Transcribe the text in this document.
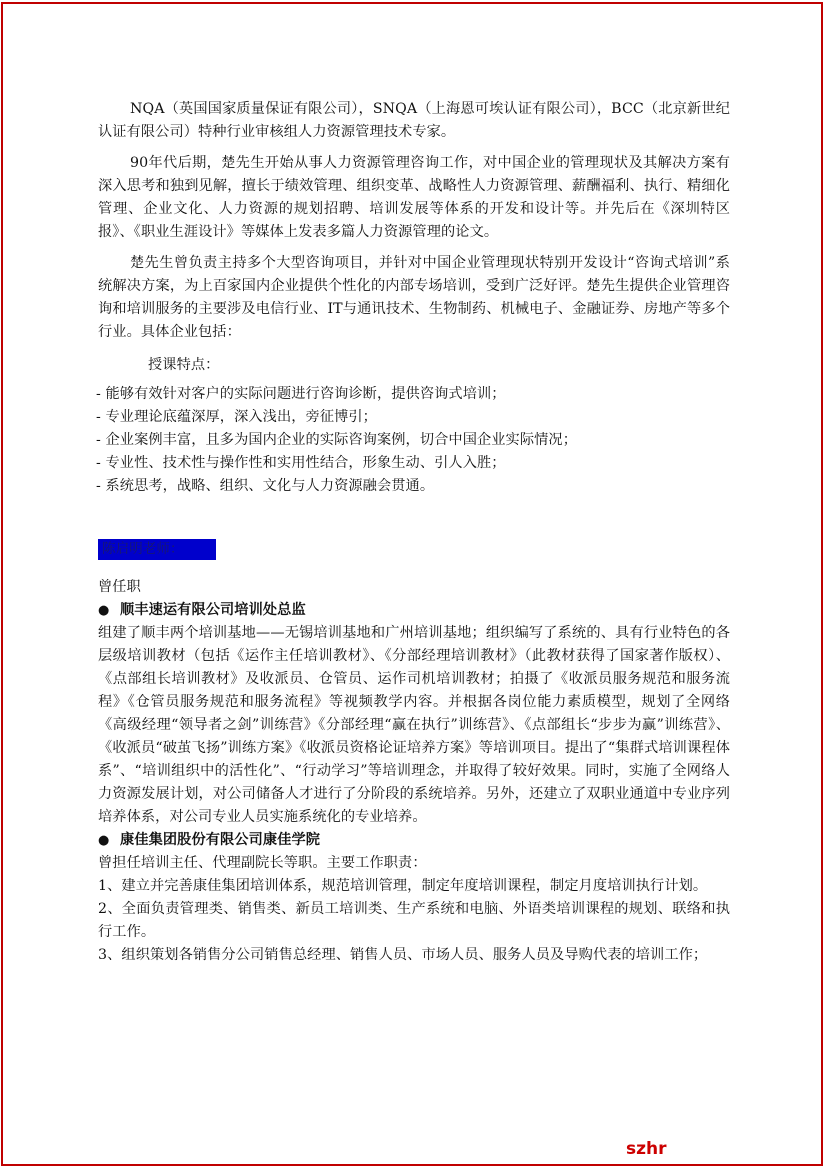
NQA（英国国家质量保证有限公司），SNQA（上海恩可埃认证有限公司），BCC（北京新世纪认证有限公司）特种行业审核组人力资源管理技术专家。

90年代后期，楚先生开始从事人力资源管理咨询工作，对中国企业的管理现状及其解决方案有深入思考和独到见解，擅长于绩效管理、组织变革、战略性人力资源管理、薪酬福利、执行、精细化管理、企业文化、人力资源的规划招聘、培训发展等体系的开发和设计等。并先后在《深圳特区报》、《职业生涯设计》等媒体上发表多篇人力资源管理的论文。

楚先生曾负责主持多个大型咨询项目，并针对中国企业管理现状特别开发设计“咨询式培训”系统解决方案，为上百家国内企业提供个性化的内部专场培训，受到广泛好评。楚先生提供企业管理咨询和培训服务的主要涉及电信行业、IT与通讯技术、生物制药、机械电子、金融证券、房地产等多个行业。具体企业包括：

授课特点：

- 能够有效针对客户的实际问题进行咨询诊断，提供咨询式培训；

- 专业理论底蕴深厚，深入浅出，旁征博引；

- 企业案例丰富，且多为国内企业的实际咨询案例，切合中国企业实际情况；

- 专业性、技术性与操作性和实用性结合，形象生动、引人入胜；

- 系统思考，战略、组织、文化与人力资源融会贯通。

陈启明老师：

曾任职

● 顺丰速运有限公司培训处总监

组建了顺丰两个培训基地——无锡培训基地和广州培训基地；组织编写了系统的、具有行业特色的各层级培训教材（包括《运作主任培训教材》、《分部经理培训教材》（此教材获得了国家著作版权）、《点部组长培训教材》及收派员、仓管员、运作司机培训教材；拍摄了《收派员服务规范和服务流程》《仓管员服务规范和服务流程》等视频教学内容。并根据各岗位能力素质模型，规划了全网络《高级经理“领导者之剑”训练营》《分部经理“赢在执行”训练营》、《点部组长“步步为赢”训练营》、《收派员“破茧飞扬”训练方案》《收派员资格论证培养方案》等培训项目。提出了“集群式培训课程体系”、“培训组织中的活性化”、“行动学习”等培训理念，并取得了较好效果。同时，实施了全网络人力资源发展计划，对公司储备人才进行了分阶段的系统培养。另外，还建立了双职业通道中专业序列培养体系，对公司专业人员实施系统化的专业培养。

● 康佳集团股份有限公司康佳学院

曾担任培训主任、代理副院长等职。主要工作职责：

1、建立并完善康佳集团培训体系，规范培训管理，制定年度培训课程，制定月度培训执行计划。

2、全面负责管理类、销售类、新员工培训类、生产系统和电脑、外语类培训课程的规划、联络和执行工作。

3、组织策划各销售分公司销售总经理、销售人员、市场人员、服务人员及导购代表的培训工作；

szhr
